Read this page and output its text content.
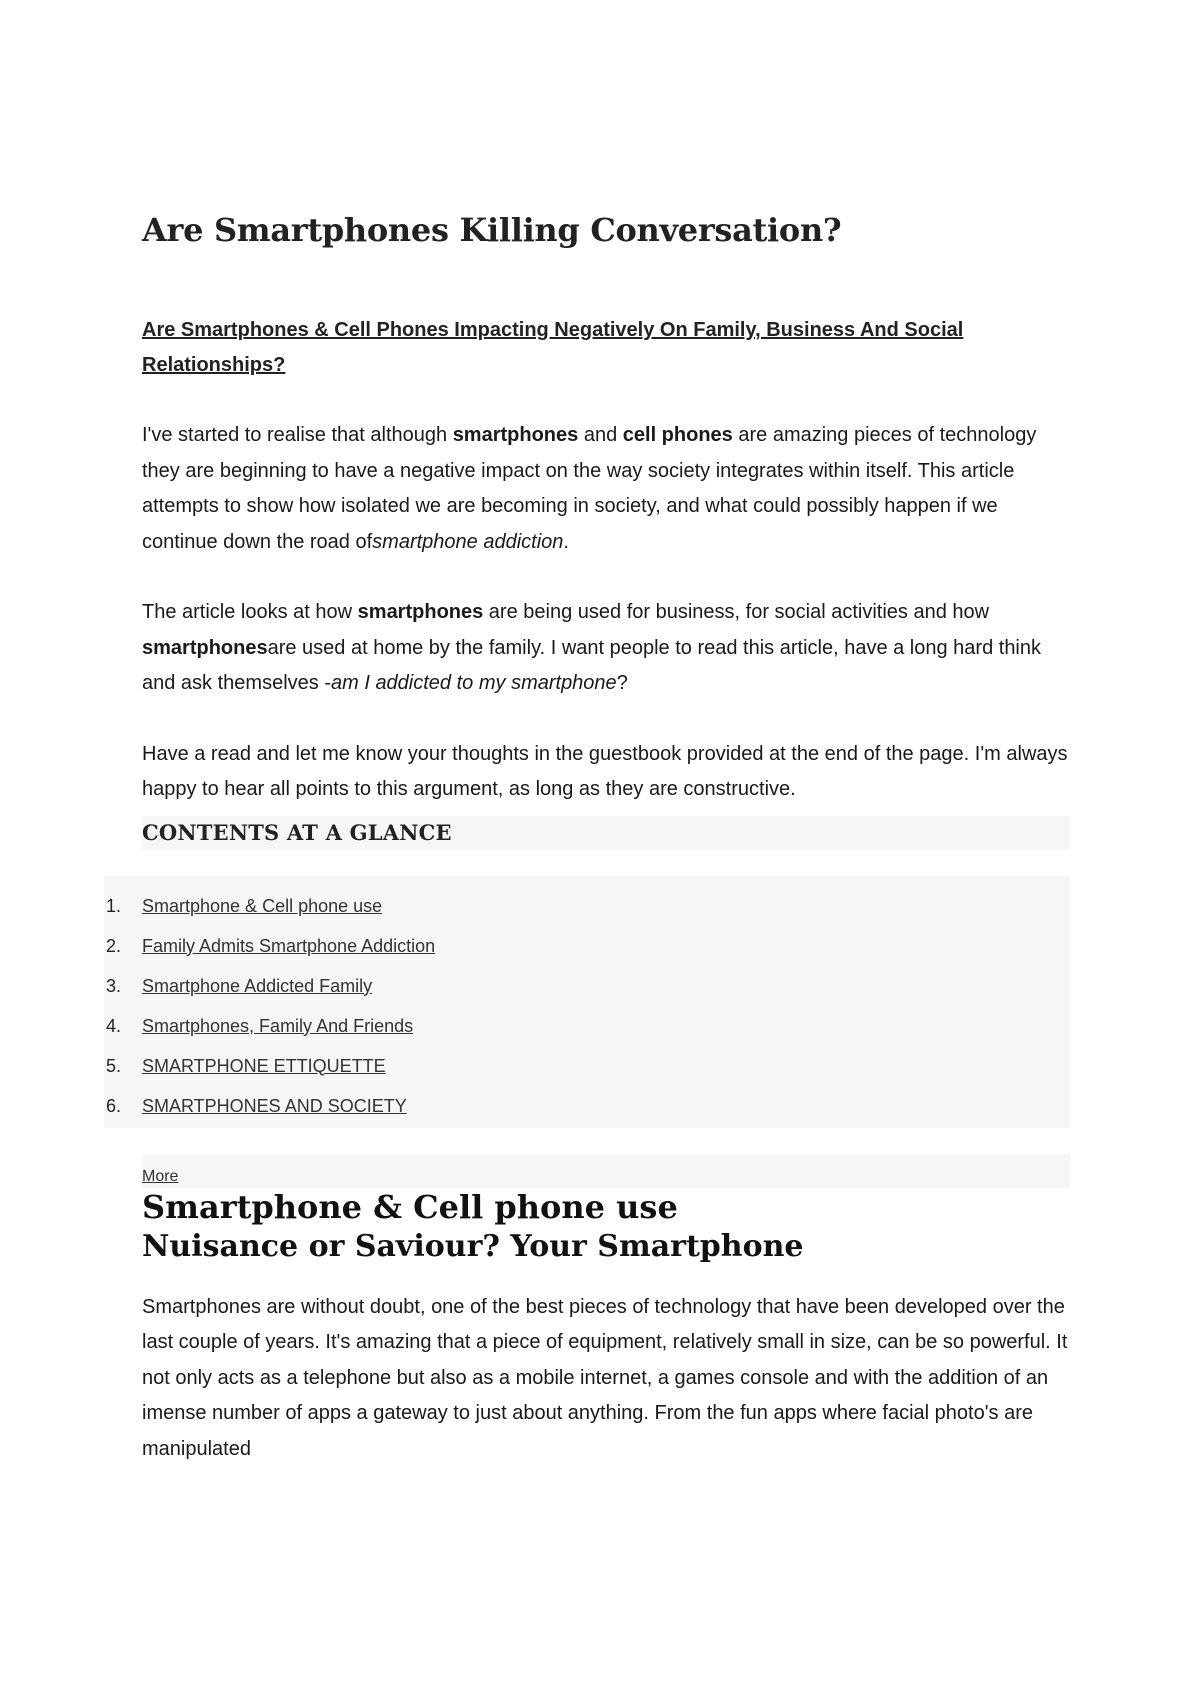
Are Smartphones Killing Conversation?
Are Smartphones & Cell Phones Impacting Negatively On Family, Business And Social Relationships?

I've started to realise that although smartphones and cell phones are amazing pieces of technology they are beginning to have a negative impact on the way society integrates within itself. This article attempts to show how isolated we are becoming in society, and what could possibly happen if we continue down the road ofsmartphone addiction.

The article looks at how smartphones are being used for business, for social activities and how smartphonesare used at home by the family. I want people to read this article, have a long hard think and ask themselves -am I addicted to my smartphone?

Have a read and let me know your thoughts in the guestbook provided at the end of the page. I'm always happy to hear all points to this argument, as long as they are constructive.

CONTENTS AT A GLANCE
1. Smartphone & Cell phone use
2. Family Admits Smartphone Addiction
3. Smartphone Addicted Family
4. Smartphones, Family And Friends
5. SMARTPHONE ETTIQUETTE
6. SMARTPHONES AND SOCIETY
More
Smartphone & Cell phone use
Nuisance or Saviour? Your Smartphone

Smartphones are without doubt, one of the best pieces of technology that have been developed over the last couple of years. It's amazing that a piece of equipment, relatively small in size, can be so powerful. It not only acts as a telephone but also as a mobile internet, a games console and with the addition of an imense number of apps a gateway to just about anything. From the fun apps where facial photo's are manipulated
